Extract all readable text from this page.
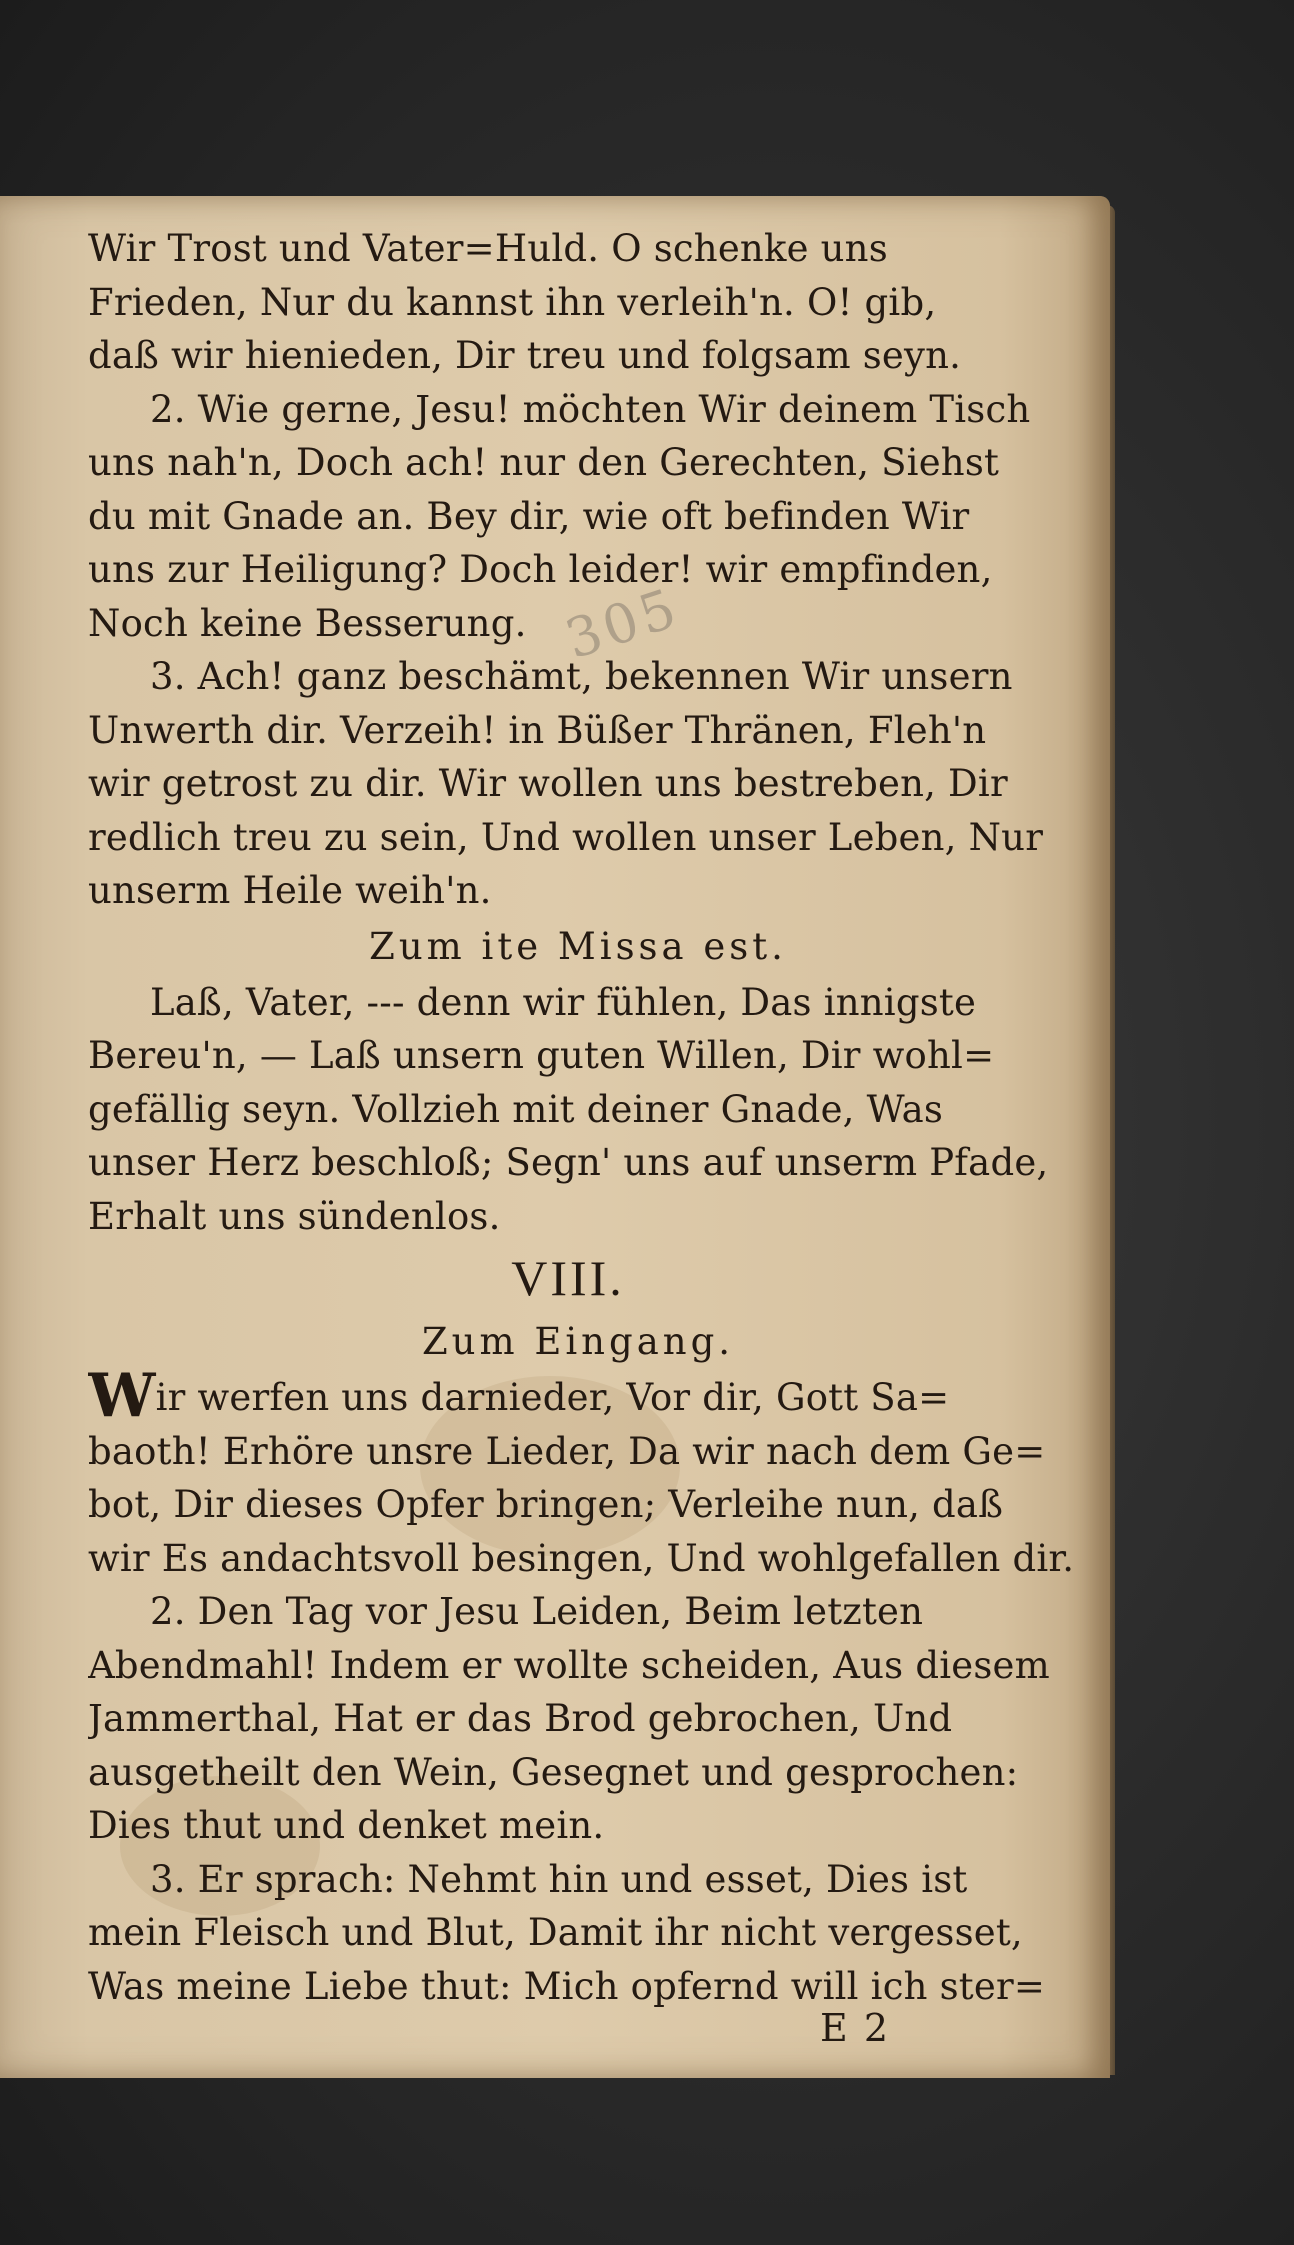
305
Wir Trost und Vater=Huld. O schenke uns
Frieden, Nur du kannst ihn verleih'n. O! gib,
daß wir hienieden, Dir treu und folgsam seyn.
2. Wie gerne, Jesu! möchten Wir deinem Tisch
uns nah'n, Doch ach! nur den Gerechten, Siehst
du mit Gnade an. Bey dir, wie oft befinden Wir
uns zur Heiligung? Doch leider! wir empfinden,
Noch keine Besserung.
3. Ach! ganz beschämt, bekennen Wir unsern
Unwerth dir. Verzeih! in Büßer Thränen, Fleh'n
wir getrost zu dir. Wir wollen uns bestreben, Dir
redlich treu zu sein, Und wollen unser Leben, Nur
unserm Heile weih'n.
Zum ite Missa est.
Laß, Vater, --- denn wir fühlen, Das innigste
Bereu'n, — Laß unsern guten Willen, Dir wohl=
gefällig seyn. Vollzieh mit deiner Gnade, Was
unser Herz beschloß; Segn' uns auf unserm Pfade,
Erhalt uns sündenlos.
VIII.
Zum Eingang.
Wir werfen uns darnieder, Vor dir, Gott Sa=
baoth! Erhöre unsre Lieder, Da wir nach dem Ge=
bot, Dir dieses Opfer bringen; Verleihe nun, daß
wir Es andachtsvoll besingen, Und wohlgefallen dir.
2. Den Tag vor Jesu Leiden, Beim letzten
Abendmahl! Indem er wollte scheiden, Aus diesem
Jammerthal, Hat er das Brod gebrochen, Und
ausgetheilt den Wein, Gesegnet und gesprochen:
Dies thut und denket mein.
3. Er sprach: Nehmt hin und esset, Dies ist
mein Fleisch und Blut, Damit ihr nicht vergesset,
Was meine Liebe thut: Mich opfernd will ich ster=
E 2
